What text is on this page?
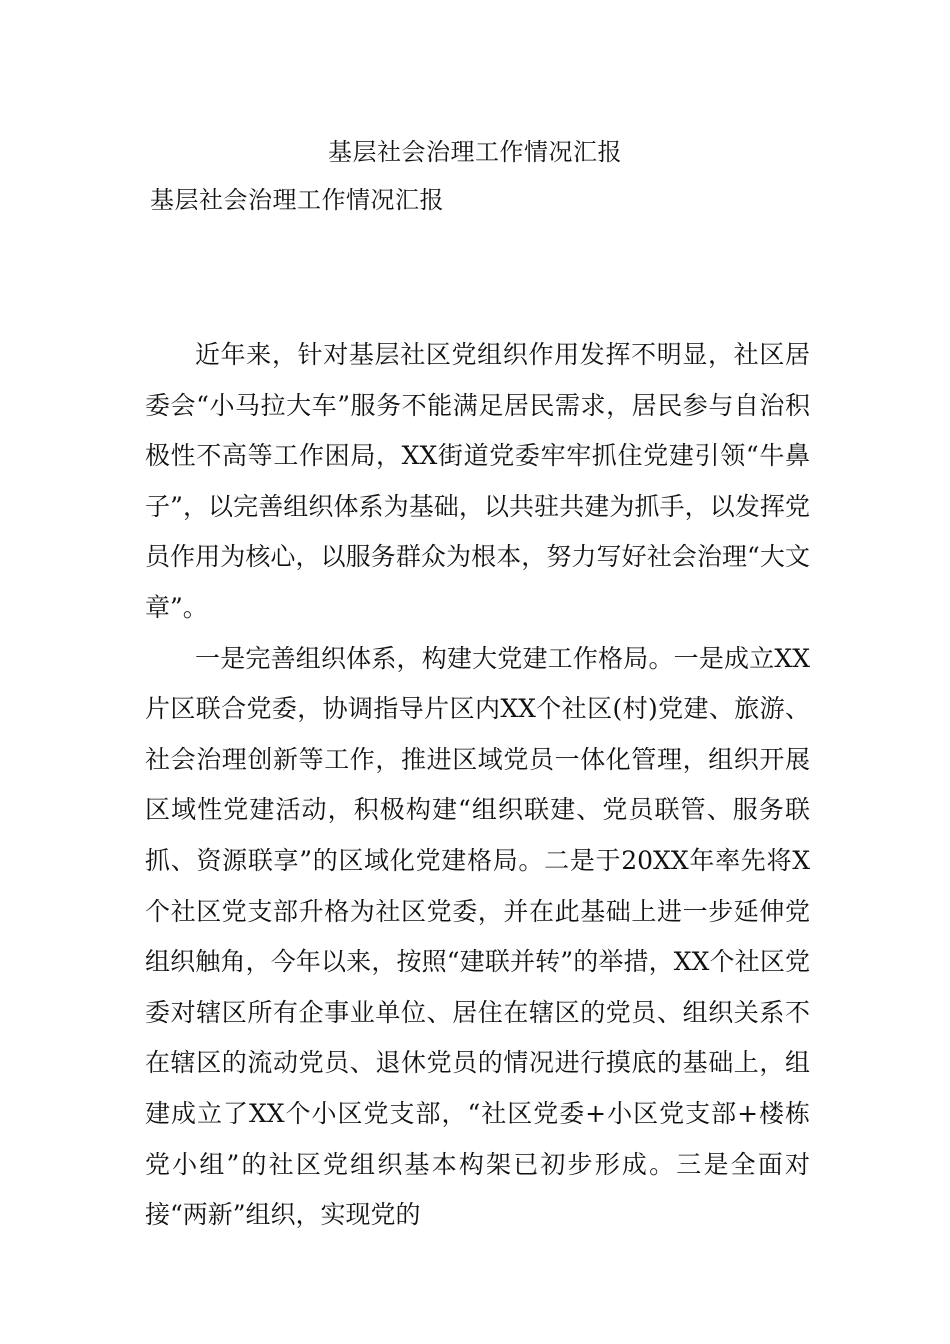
基层社会治理工作情况汇报
基层社会治理工作情况汇报

近年来，针对基层社区党组织作用发挥不明显，社区居委会“小马拉大车”服务不能满足居民需求，居民参与自治积极性不高等工作困局，XX街道党委牢牢抓住党建引领“牛鼻子”，以完善组织体系为基础，以共驻共建为抓手，以发挥党员作用为核心，以服务群众为根本，努力写好社会治理“大文章”。

一是完善组织体系，构建大党建工作格局。一是成立XX片区联合党委，协调指导片区内XX个社区(村)党建、旅游、社会治理创新等工作，推进区域党员一体化管理，组织开展区域性党建活动，积极构建“组织联建、党员联管、服务联抓、资源联享”的区域化党建格局。二是于20XX年率先将X个社区党支部升格为社区党委，并在此基础上进一步延伸党组织触角，今年以来，按照“建联并转”的举措，XX个社区党委对辖区所有企事业单位、居住在辖区的党员、组织关系不在辖区的流动党员、退休党员的情况进行摸底的基础上，组建成立了XX个小区党支部，“社区党委+小区党支部+楼栋党小组”的社区党组织基本构架已初步形成。三是全面对接“两新”组织，实现党的
